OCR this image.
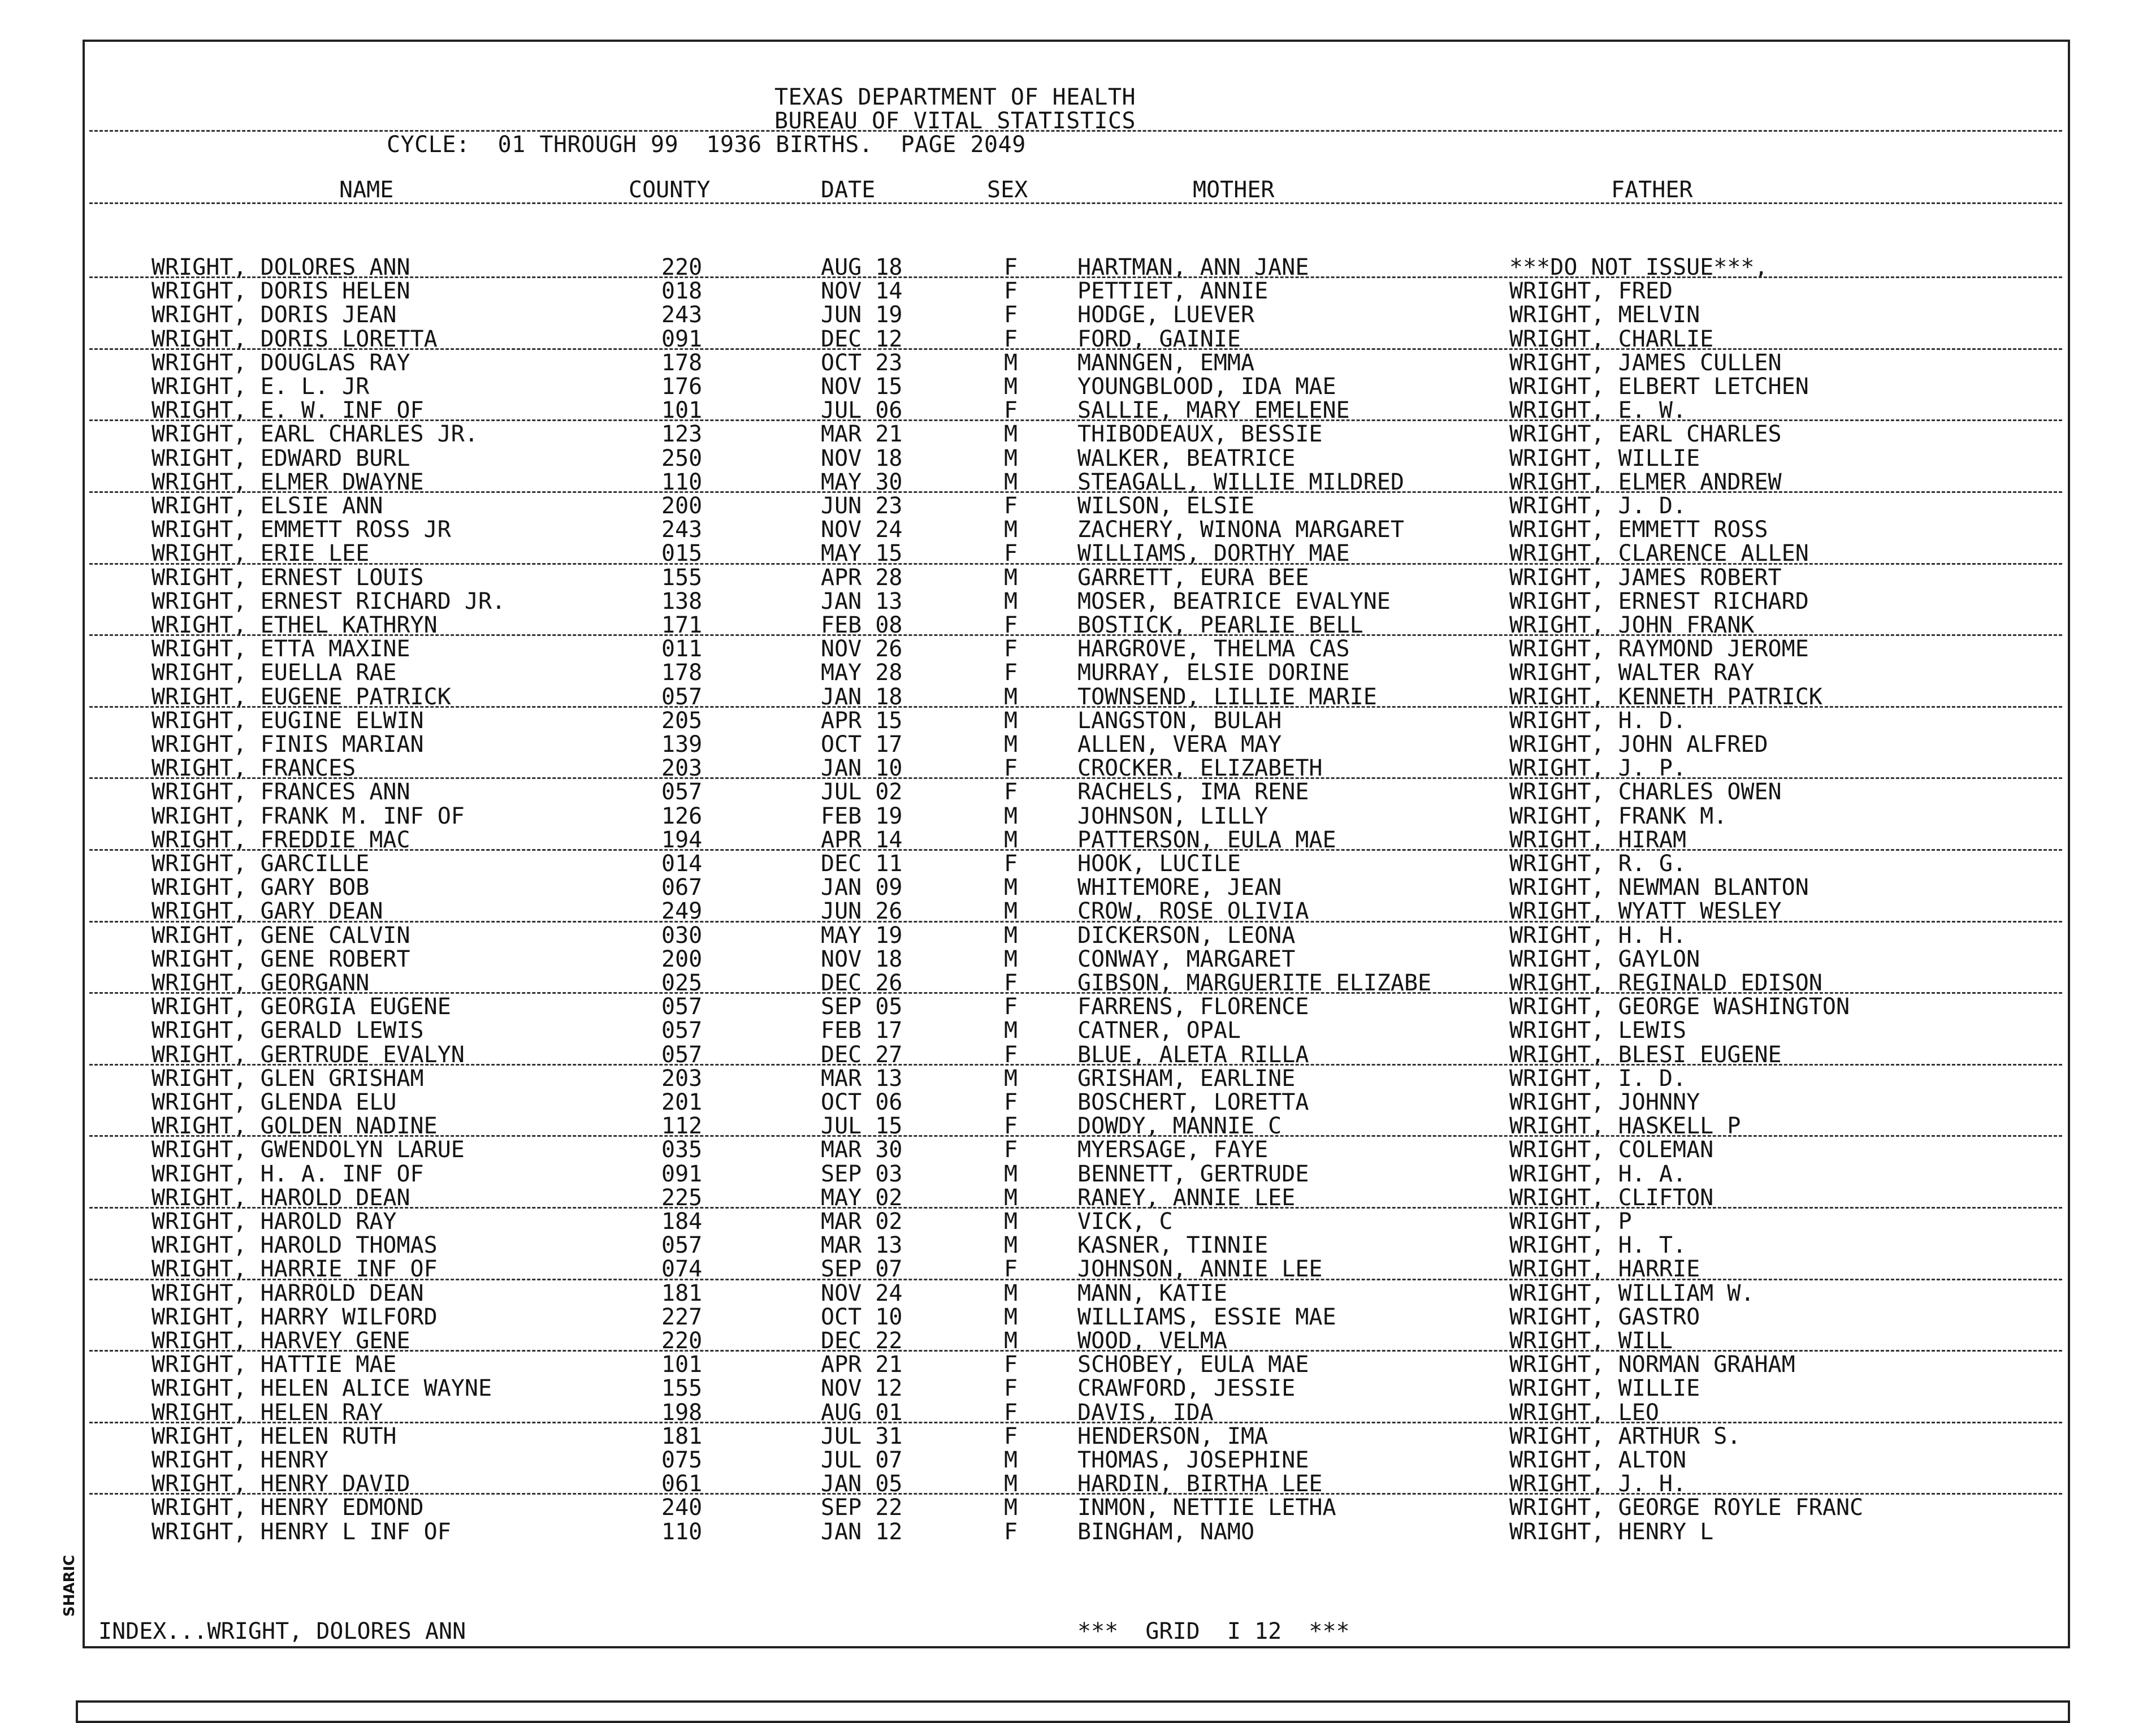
TEXAS DEPARTMENT OF HEALTH
BUREAU OF VITAL STATISTICS
CYCLE:  01 THROUGH 99  1936 BIRTHS.  PAGE 2049
NAME	COUNTY	DATE	SEX	MOTHER	FATHER
WRIGHT, DOLORES ANN	220	AUG 18	F	HARTMAN, ANN JANE	***DO NOT ISSUE***,
WRIGHT, DORIS HELEN	018	NOV 14	F	PETTIET, ANNIE	WRIGHT, FRED
WRIGHT, DORIS JEAN	243	JUN 19	F	HODGE, LUEVER	WRIGHT, MELVIN
WRIGHT, DORIS LORETTA	091	DEC 12	F	FORD, GAINIE	WRIGHT, CHARLIE
WRIGHT, DOUGLAS RAY	178	OCT 23	M	MANNGEN, EMMA	WRIGHT, JAMES CULLEN
WRIGHT, E. L. JR	176	NOV 15	M	YOUNGBLOOD, IDA MAE	WRIGHT, ELBERT LETCHEN
WRIGHT, E. W. INF OF	101	JUL 06	F	SALLIE, MARY EMELENE	WRIGHT, E. W.
WRIGHT, EARL CHARLES JR.	123	MAR 21	M	THIBODEAUX, BESSIE	WRIGHT, EARL CHARLES
WRIGHT, EDWARD BURL	250	NOV 18	M	WALKER, BEATRICE	WRIGHT, WILLIE
WRIGHT, ELMER DWAYNE	110	MAY 30	M	STEAGALL, WILLIE MILDRED	WRIGHT, ELMER ANDREW
WRIGHT, ELSIE ANN	200	JUN 23	F	WILSON, ELSIE	WRIGHT, J. D.
WRIGHT, EMMETT ROSS JR	243	NOV 24	M	ZACHERY, WINONA MARGARET	WRIGHT, EMMETT ROSS
WRIGHT, ERIE LEE	015	MAY 15	F	WILLIAMS, DORTHY MAE	WRIGHT, CLARENCE ALLEN
WRIGHT, ERNEST LOUIS	155	APR 28	M	GARRETT, EURA BEE	WRIGHT, JAMES ROBERT
WRIGHT, ERNEST RICHARD JR.	138	JAN 13	M	MOSER, BEATRICE EVALYNE	WRIGHT, ERNEST RICHARD
WRIGHT, ETHEL KATHRYN	171	FEB 08	F	BOSTICK, PEARLIE BELL	WRIGHT, JOHN FRANK
WRIGHT, ETTA MAXINE	011	NOV 26	F	HARGROVE, THELMA CAS	WRIGHT, RAYMOND JEROME
WRIGHT, EUELLA RAE	178	MAY 28	F	MURRAY, ELSIE DORINE	WRIGHT, WALTER RAY
WRIGHT, EUGENE PATRICK	057	JAN 18	M	TOWNSEND, LILLIE MARIE	WRIGHT, KENNETH PATRICK
WRIGHT, EUGINE ELWIN	205	APR 15	M	LANGSTON, BULAH	WRIGHT, H. D.
WRIGHT, FINIS MARIAN	139	OCT 17	M	ALLEN, VERA MAY	WRIGHT, JOHN ALFRED
WRIGHT, FRANCES	203	JAN 10	F	CROCKER, ELIZABETH	WRIGHT, J. P.
WRIGHT, FRANCES ANN	057	JUL 02	F	RACHELS, IMA RENE	WRIGHT, CHARLES OWEN
WRIGHT, FRANK M. INF OF	126	FEB 19	M	JOHNSON, LILLY	WRIGHT, FRANK M.
WRIGHT, FREDDIE MAC	194	APR 14	M	PATTERSON, EULA MAE	WRIGHT, HIRAM
WRIGHT, GARCILLE	014	DEC 11	F	HOOK, LUCILE	WRIGHT, R. G.
WRIGHT, GARY BOB	067	JAN 09	M	WHITEMORE, JEAN	WRIGHT, NEWMAN BLANTON
WRIGHT, GARY DEAN	249	JUN 26	M	CROW, ROSE OLIVIA	WRIGHT, WYATT WESLEY
WRIGHT, GENE CALVIN	030	MAY 19	M	DICKERSON, LEONA	WRIGHT, H. H.
WRIGHT, GENE ROBERT	200	NOV 18	M	CONWAY, MARGARET	WRIGHT, GAYLON
WRIGHT, GEORGANN	025	DEC 26	F	GIBSON, MARGUERITE ELIZABE	WRIGHT, REGINALD EDISON
WRIGHT, GEORGIA EUGENE	057	SEP 05	F	FARRENS, FLORENCE	WRIGHT, GEORGE WASHINGTON
WRIGHT, GERALD LEWIS	057	FEB 17	M	CATNER, OPAL	WRIGHT, LEWIS
WRIGHT, GERTRUDE EVALYN	057	DEC 27	F	BLUE, ALETA RILLA	WRIGHT, BLESI EUGENE
WRIGHT, GLEN GRISHAM	203	MAR 13	M	GRISHAM, EARLINE	WRIGHT, I. D.
WRIGHT, GLENDA ELU	201	OCT 06	F	BOSCHERT, LORETTA	WRIGHT, JOHNNY
WRIGHT, GOLDEN NADINE	112	JUL 15	F	DOWDY, MANNIE C	WRIGHT, HASKELL P
WRIGHT, GWENDOLYN LARUE	035	MAR 30	F	MYERSAGE, FAYE	WRIGHT, COLEMAN
WRIGHT, H. A. INF OF	091	SEP 03	M	BENNETT, GERTRUDE	WRIGHT, H. A.
WRIGHT, HAROLD DEAN	225	MAY 02	M	RANEY, ANNIE LEE	WRIGHT, CLIFTON
WRIGHT, HAROLD RAY	184	MAR 02	M	VICK, C	WRIGHT, P
WRIGHT, HAROLD THOMAS	057	MAR 13	M	KASNER, TINNIE	WRIGHT, H. T.
WRIGHT, HARRIE INF OF	074	SEP 07	F	JOHNSON, ANNIE LEE	WRIGHT, HARRIE
WRIGHT, HARROLD DEAN	181	NOV 24	M	MANN, KATIE	WRIGHT, WILLIAM W.
WRIGHT, HARRY WILFORD	227	OCT 10	M	WILLIAMS, ESSIE MAE	WRIGHT, GASTRO
WRIGHT, HARVEY GENE	220	DEC 22	M	WOOD, VELMA	WRIGHT, WILL
WRIGHT, HATTIE MAE	101	APR 21	F	SCHOBEY, EULA MAE	WRIGHT, NORMAN GRAHAM
WRIGHT, HELEN ALICE WAYNE	155	NOV 12	F	CRAWFORD, JESSIE	WRIGHT, WILLIE
WRIGHT, HELEN RAY	198	AUG 01	F	DAVIS, IDA	WRIGHT, LEO
WRIGHT, HELEN RUTH	181	JUL 31	F	HENDERSON, IMA	WRIGHT, ARTHUR S.
WRIGHT, HENRY	075	JUL 07	M	THOMAS, JOSEPHINE	WRIGHT, ALTON
WRIGHT, HENRY DAVID	061	JAN 05	M	HARDIN, BIRTHA LEE	WRIGHT, J. H.
WRIGHT, HENRY EDMOND	240	SEP 22	M	INMON, NETTIE LETHA	WRIGHT, GEORGE ROYLE FRANC
WRIGHT, HENRY L INF OF	110	JAN 12	F	BINGHAM, NAMO	WRIGHT, HENRY L
INDEX...WRIGHT, DOLORES ANN	***  GRID  I 12  ***
SHARIC
